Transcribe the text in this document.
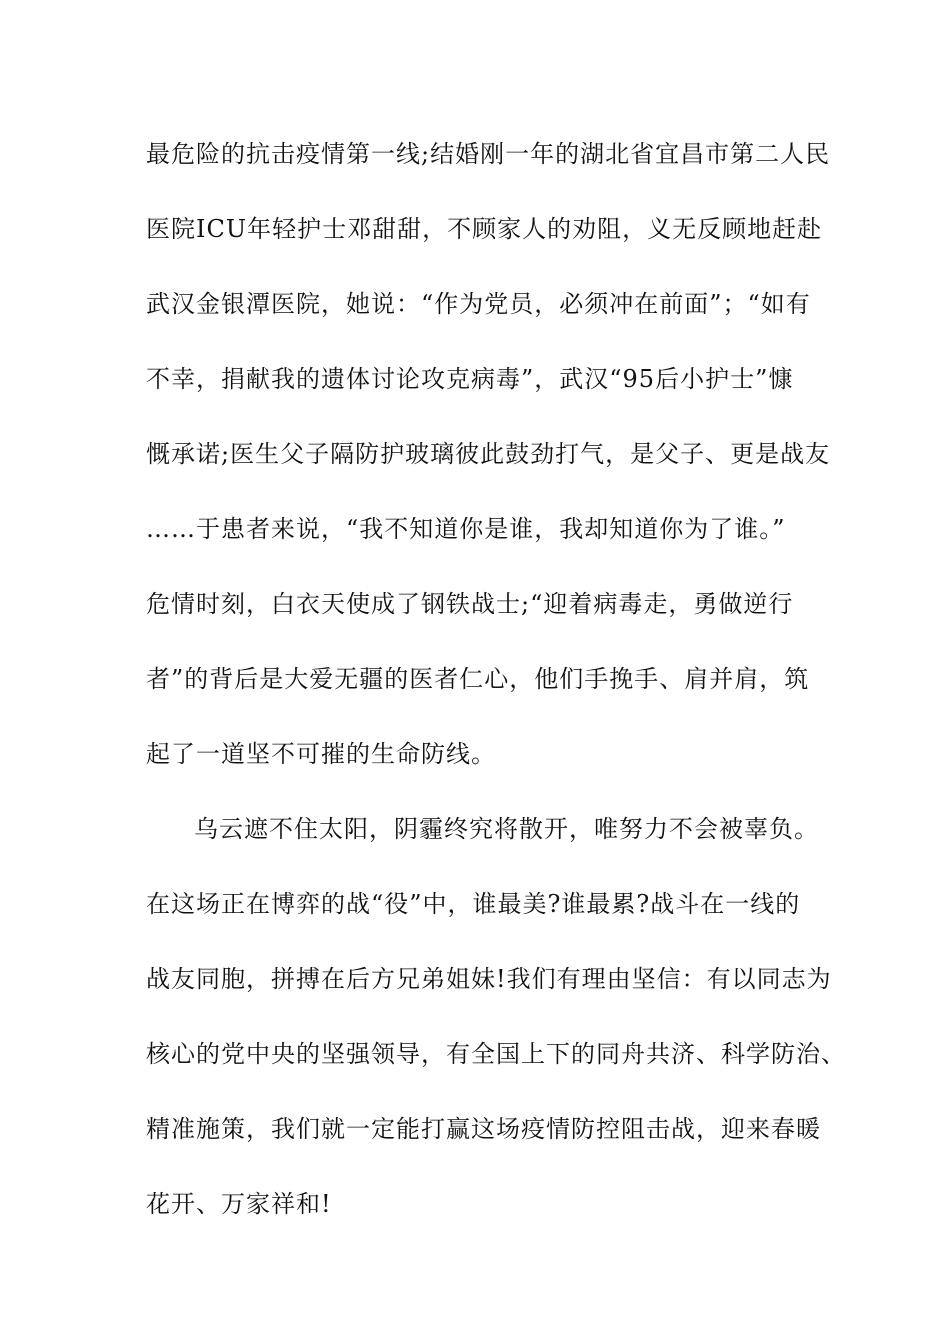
最危险的抗击疫情第一线;结婚刚一年的湖北省宜昌市第二人民

医院ICU年轻护士邓甜甜，不顾家人的劝阻，义无反顾地赶赴

武汉金银潭医院，她说：“作为党员，必须冲在前面”；“如有

不幸，捐献我的遗体讨论攻克病毒”，武汉“95后小护士”慷

慨承诺;医生父子隔防护玻璃彼此鼓劲打气，是父子、更是战友

……于患者来说，“我不知道你是谁，我却知道你为了谁。”

危情时刻，白衣天使成了钢铁战士;“迎着病毒走，勇做逆行

者”的背后是大爱无疆的医者仁心，他们手挽手、肩并肩，筑

起了一道坚不可摧的生命防线。

乌云遮不住太阳，阴霾终究将散开，唯努力不会被辜负。

在这场正在博弈的战“役”中，谁最美?谁最累?战斗在一线的

战友同胞，拼搏在后方兄弟姐妹!我们有理由坚信：有以同志为

核心的党中央的坚强领导，有全国上下的同舟共济、科学防治、

精准施策，我们就一定能打赢这场疫情防控阻击战，迎来春暖

花开、万家祥和!
